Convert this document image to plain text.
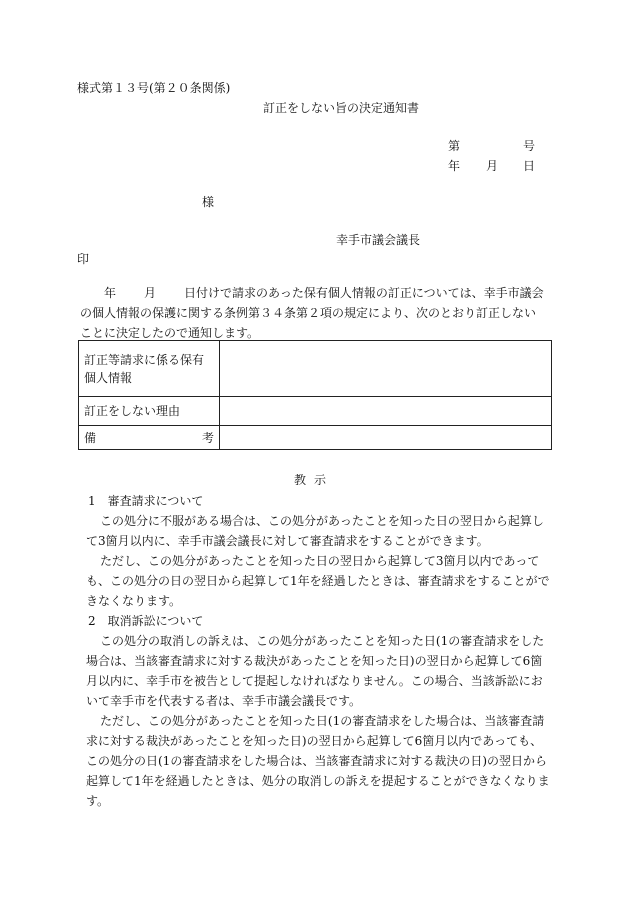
様式第１３号(第２０条関係)

訂正をしない旨の決定通知書

第	号

年 月 日

様

幸手市議会議長

印

年 月 日付けで請求のあった保有個人情報の訂正については、幸手市議会
の個人情報の保護に関する条例第３４条第２項の規定により、次のとおり訂正しない
ことに決定したので通知します。
訂正等請求に係る保有
個人情報	
訂正をしない理由	

備 考	

教示

1　審査請求について
この処分に不服がある場合は、この処分があったことを知った日の翌日から起算し
て3箇月以内に、幸手市議会議長に対して審査請求をすることができます。
ただし、この処分があったことを知った日の翌日から起算して3箇月以内であって
も、この処分の日の翌日から起算して1年を経過したときは、審査請求をすることがで
きなくなります。
2　取消訴訟について
この処分の取消しの訴えは、この処分があったことを知った日(1の審査請求をした
場合は、当該審査請求に対する裁決があったことを知った日)の翌日から起算して6箇
月以内に、幸手市を被告として提起しなければなりません。この場合、当該訴訟にお
いて幸手市を代表する者は、幸手市議会議長です。
ただし、この処分があったことを知った日(1の審査請求をした場合は、当該審査請
求に対する裁決があったことを知った日)の翌日から起算して6箇月以内であっても、
この処分の日(1の審査請求をした場合は、当該審査請求に対する裁決の日)の翌日から
起算して1年を経過したときは、処分の取消しの訴えを提起することができなくなりま
す。
